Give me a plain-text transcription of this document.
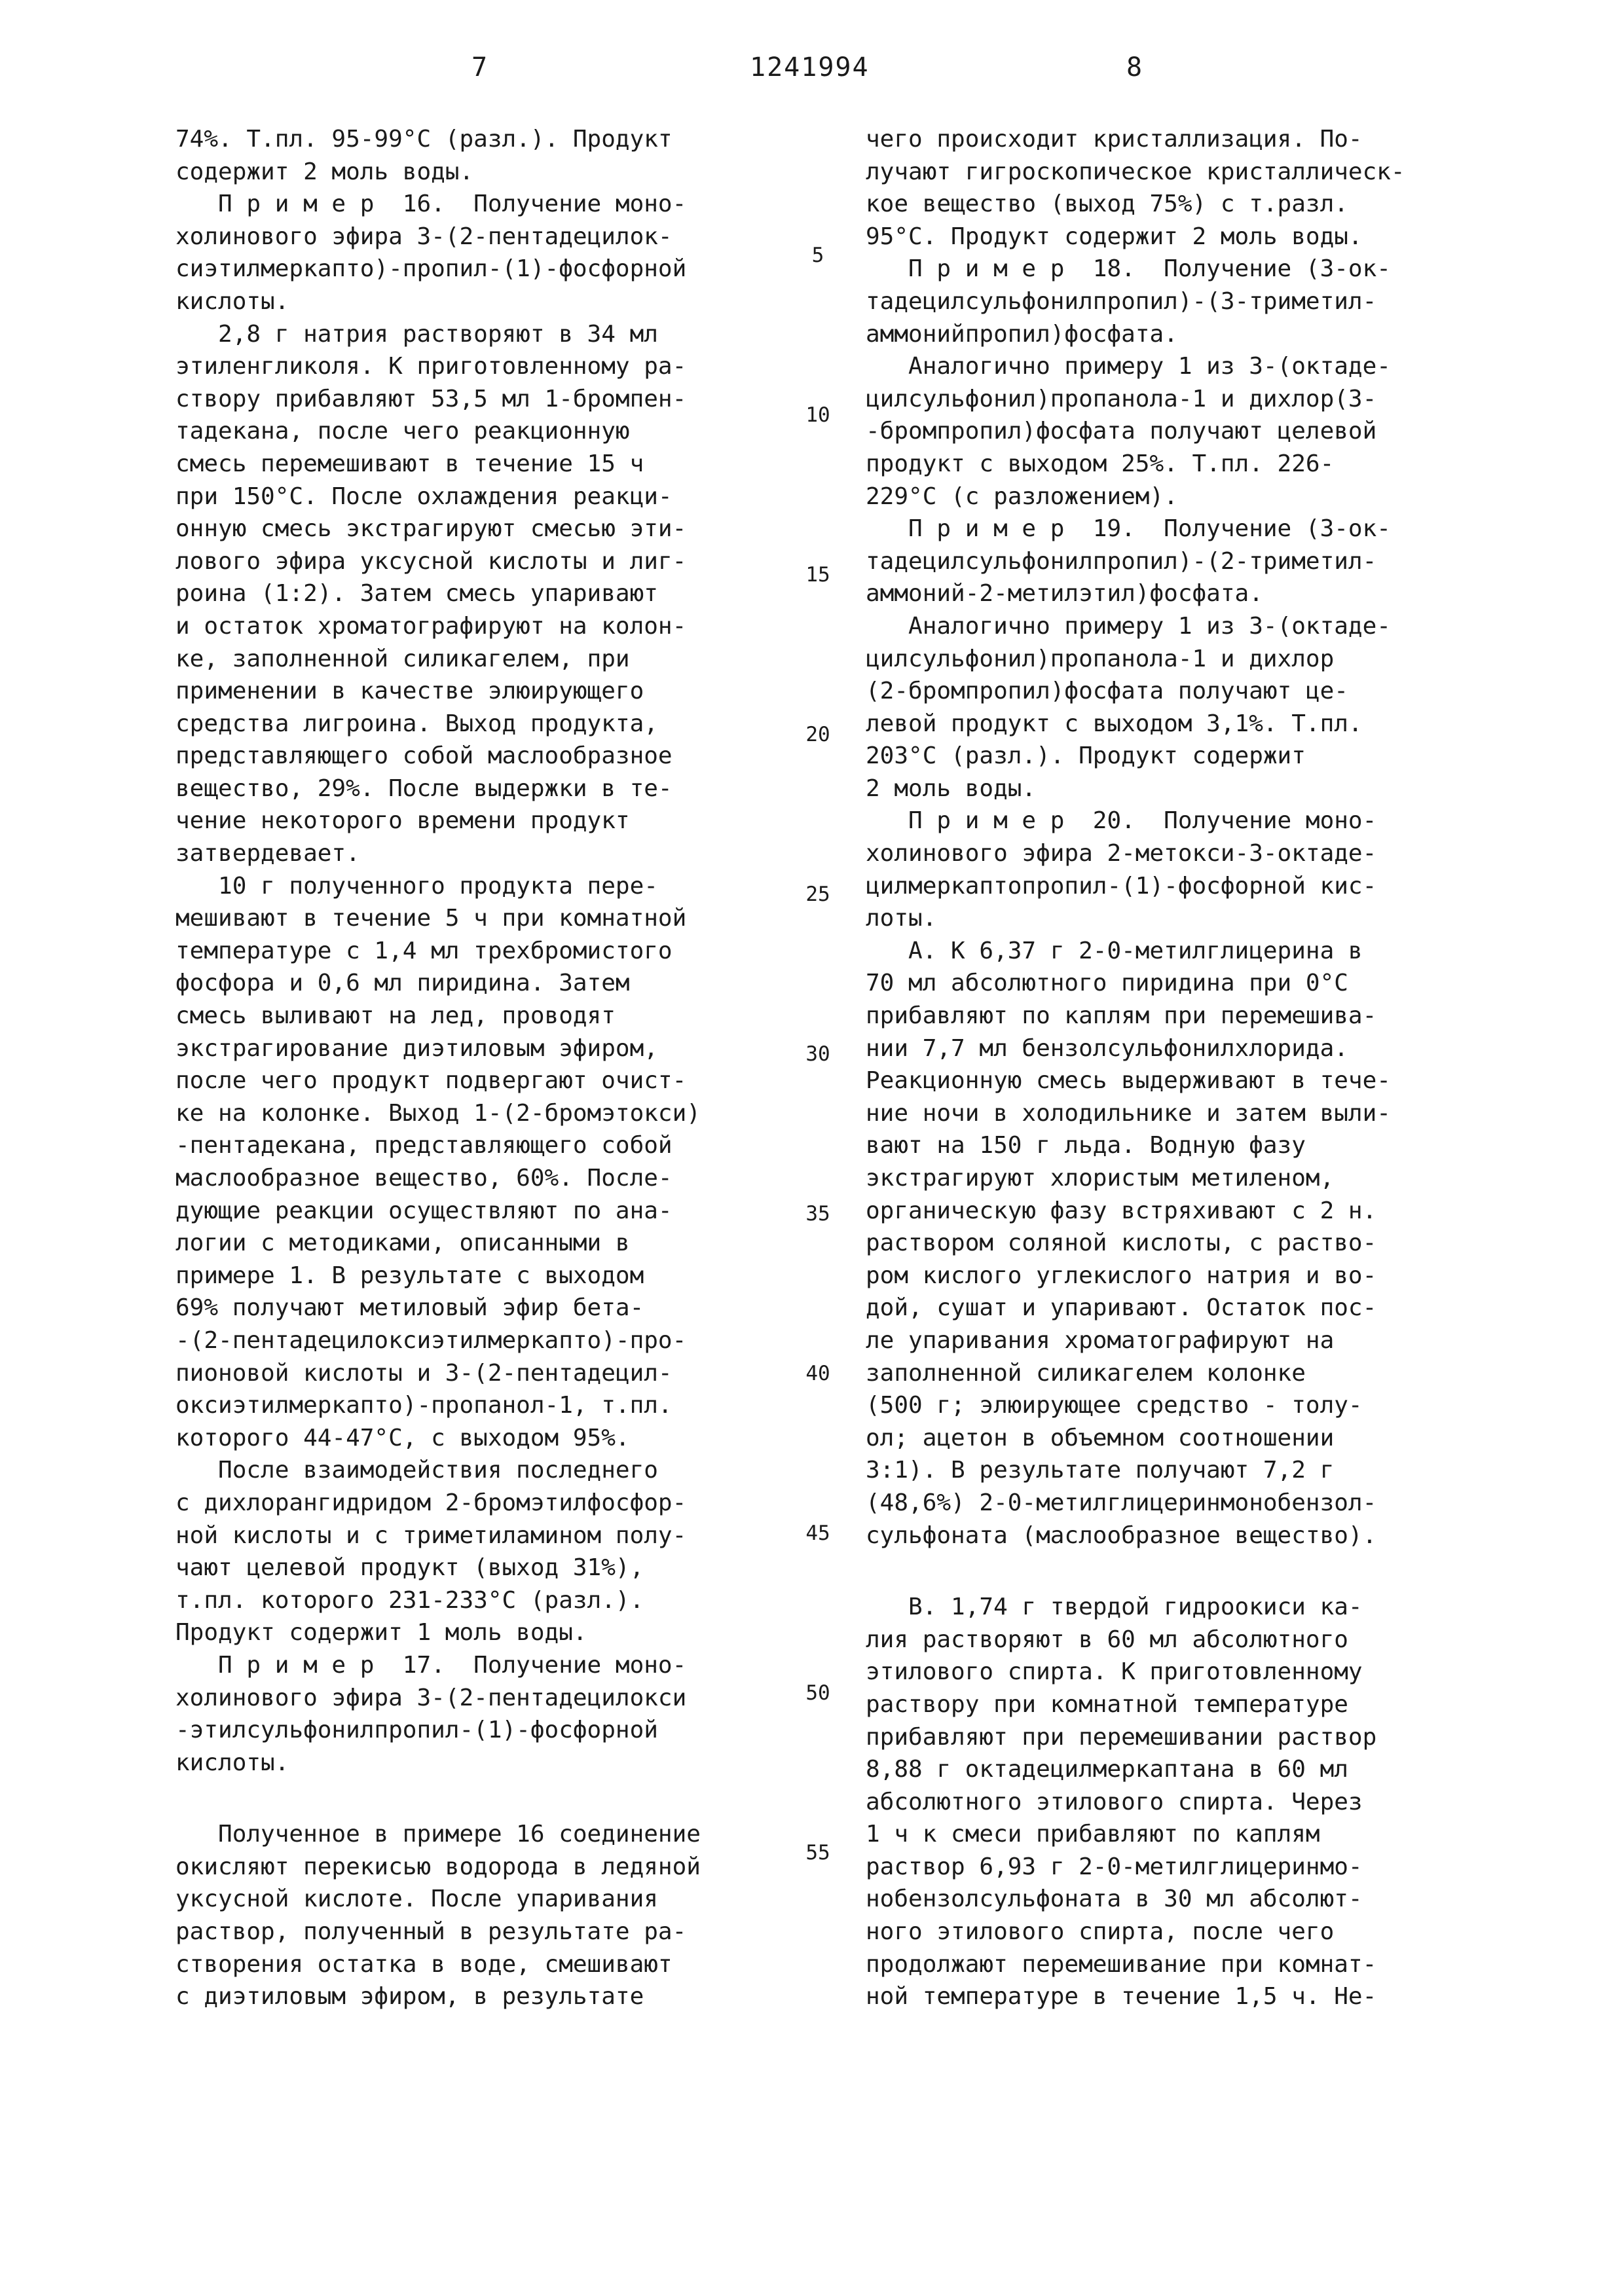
7	1241994	8
74%. Т.пл. 95-99°С (разл.). Продукт
содержит 2 моль воды.
П р и м е р  16.  Получение моно-
холинового эфира 3-(2-пентадецилок-
сиэтилмеркапто)-пропил-(1)-фосфорной
кислоты.
2,8 г натрия растворяют в 34 мл
этиленгликоля. К приготовленному ра-
створу прибавляют 53,5 мл 1-бромпен-
тадекана, после чего реакционную
смесь перемешивают в течение 15 ч
при 150°С. После охлаждения реакци-
онную смесь экстрагируют смесью эти-
лового эфира уксусной кислоты и лиг-
роина (1:2). Затем смесь упаривают
и остаток хроматографируют на колон-
ке, заполненной силикагелем, при
применении в качестве элюирующего
средства лигроина. Выход продукта,
представляющего собой маслообразное
вещество, 29%. После выдержки в те-
чение некоторого времени продукт
затвердевает.
10 г полученного продукта пере-
мешивают в течение 5 ч при комнатной
температуре с 1,4 мл трехбромистого
фосфора и 0,6 мл пиридина. Затем
смесь выливают на лед, проводят
экстрагирование диэтиловым эфиром,
после чего продукт подвергают очист-
ке на колонке. Выход 1-(2-бромэтокси)
-пентадекана, представляющего собой
маслообразное вещество, 60%. После-
дующие реакции осуществляют по ана-
логии с методиками, описанными в
примере 1. В результате с выходом
69% получают метиловый эфир бета-
-(2-пентадецилоксиэтилмеркапто)-про-
пионовой кислоты и 3-(2-пентадецил-
оксиэтилмеркапто)-пропанол-1, т.пл.
которого 44-47°С, с выходом 95%.
После взаимодействия последнего
с дихлорангидридом 2-бромэтилфосфор-
ной кислоты и с триметиламином полу-
чают целевой продукт (выход 31%),
т.пл. которого 231-233°С (разл.).
Продукт содержит 1 моль воды.
П р и м е р  17.  Получение моно-
холинового эфира 3-(2-пентадецилокси
-этилсульфонилпропил-(1)-фосфорной
кислоты.
Полученное в примере 16 соединение
окисляют перекисью водорода в ледяной
уксусной кислоте. После упаривания
раствор, полученный в результате ра-
створения остатка в воде, смешивают
с диэтиловым эфиром, в результате
чего происходит кристаллизация. По-
лучают гигроскопическое кристаллическ-
кое вещество (выход 75%) с т.разл.
95°С. Продукт содержит 2 моль воды.
П р и м е р  18.  Получение (3-ок-
тадецилсульфонилпропил)-(3-триметил-
аммонийпропил)фосфата.
Аналогично примеру 1 из 3-(октаде-
цилсульфонил)пропанола-1 и дихлор(3-
-бромпропил)фосфата получают целевой
продукт с выходом 25%. Т.пл. 226-
229°С (с разложением).
П р и м е р  19.  Получение (3-ок-
тадецилсульфонилпропил)-(2-триметил-
аммоний-2-метилэтил)фосфата.
Аналогично примеру 1 из 3-(октаде-
цилсульфонил)пропанола-1 и дихлор
(2-бромпропил)фосфата получают це-
левой продукт с выходом 3,1%. Т.пл.
203°С (разл.). Продукт содержит
2 моль воды.
П р и м е р  20.  Получение моно-
холинового эфира 2-метокси-3-октаде-
цилмеркаптопропил-(1)-фосфорной кис-
лоты.
А. К 6,37 г 2-0-метилглицерина в
70 мл абсолютного пиридина при 0°С
прибавляют по каплям при перемешива-
нии 7,7 мл бензолсульфонилхлорида.
Реакционную смесь выдерживают в тече-
ние ночи в холодильнике и затем выли-
вают на 150 г льда. Водную фазу
экстрагируют хлористым метиленом,
органическую фазу встряхивают с 2 н.
раствором соляной кислоты, с раство-
ром кислого углекислого натрия и во-
дой, сушат и упаривают. Остаток пос-
ле упаривания хроматографируют на
заполненной силикагелем колонке
(500 г; элюирующее средство - толу-
ол; ацетон в объемном соотношении
3:1). В результате получают 7,2 г
(48,6%) 2-0-метилглицеринмонобензол-
сульфоната (маслообразное вещество).
В. 1,74 г твердой гидроокиси ка-
лия растворяют в 60 мл абсолютного
этилового спирта. К приготовленному
раствору при комнатной температуре
прибавляют при перемешивании раствор
8,88 г октадецилмеркаптана в 60 мл
абсолютного этилового спирта. Через
1 ч к смеси прибавляют по каплям
раствор 6,93 г 2-0-метилглицеринмо-
нобензолсульфоната в 30 мл абсолют-
ного этилового спирта, после чего
продолжают перемешивание при комнат-
ной температуре в течение 1,5 ч. Не-
5
10
15
20
25
30
35
40
45
50
55
